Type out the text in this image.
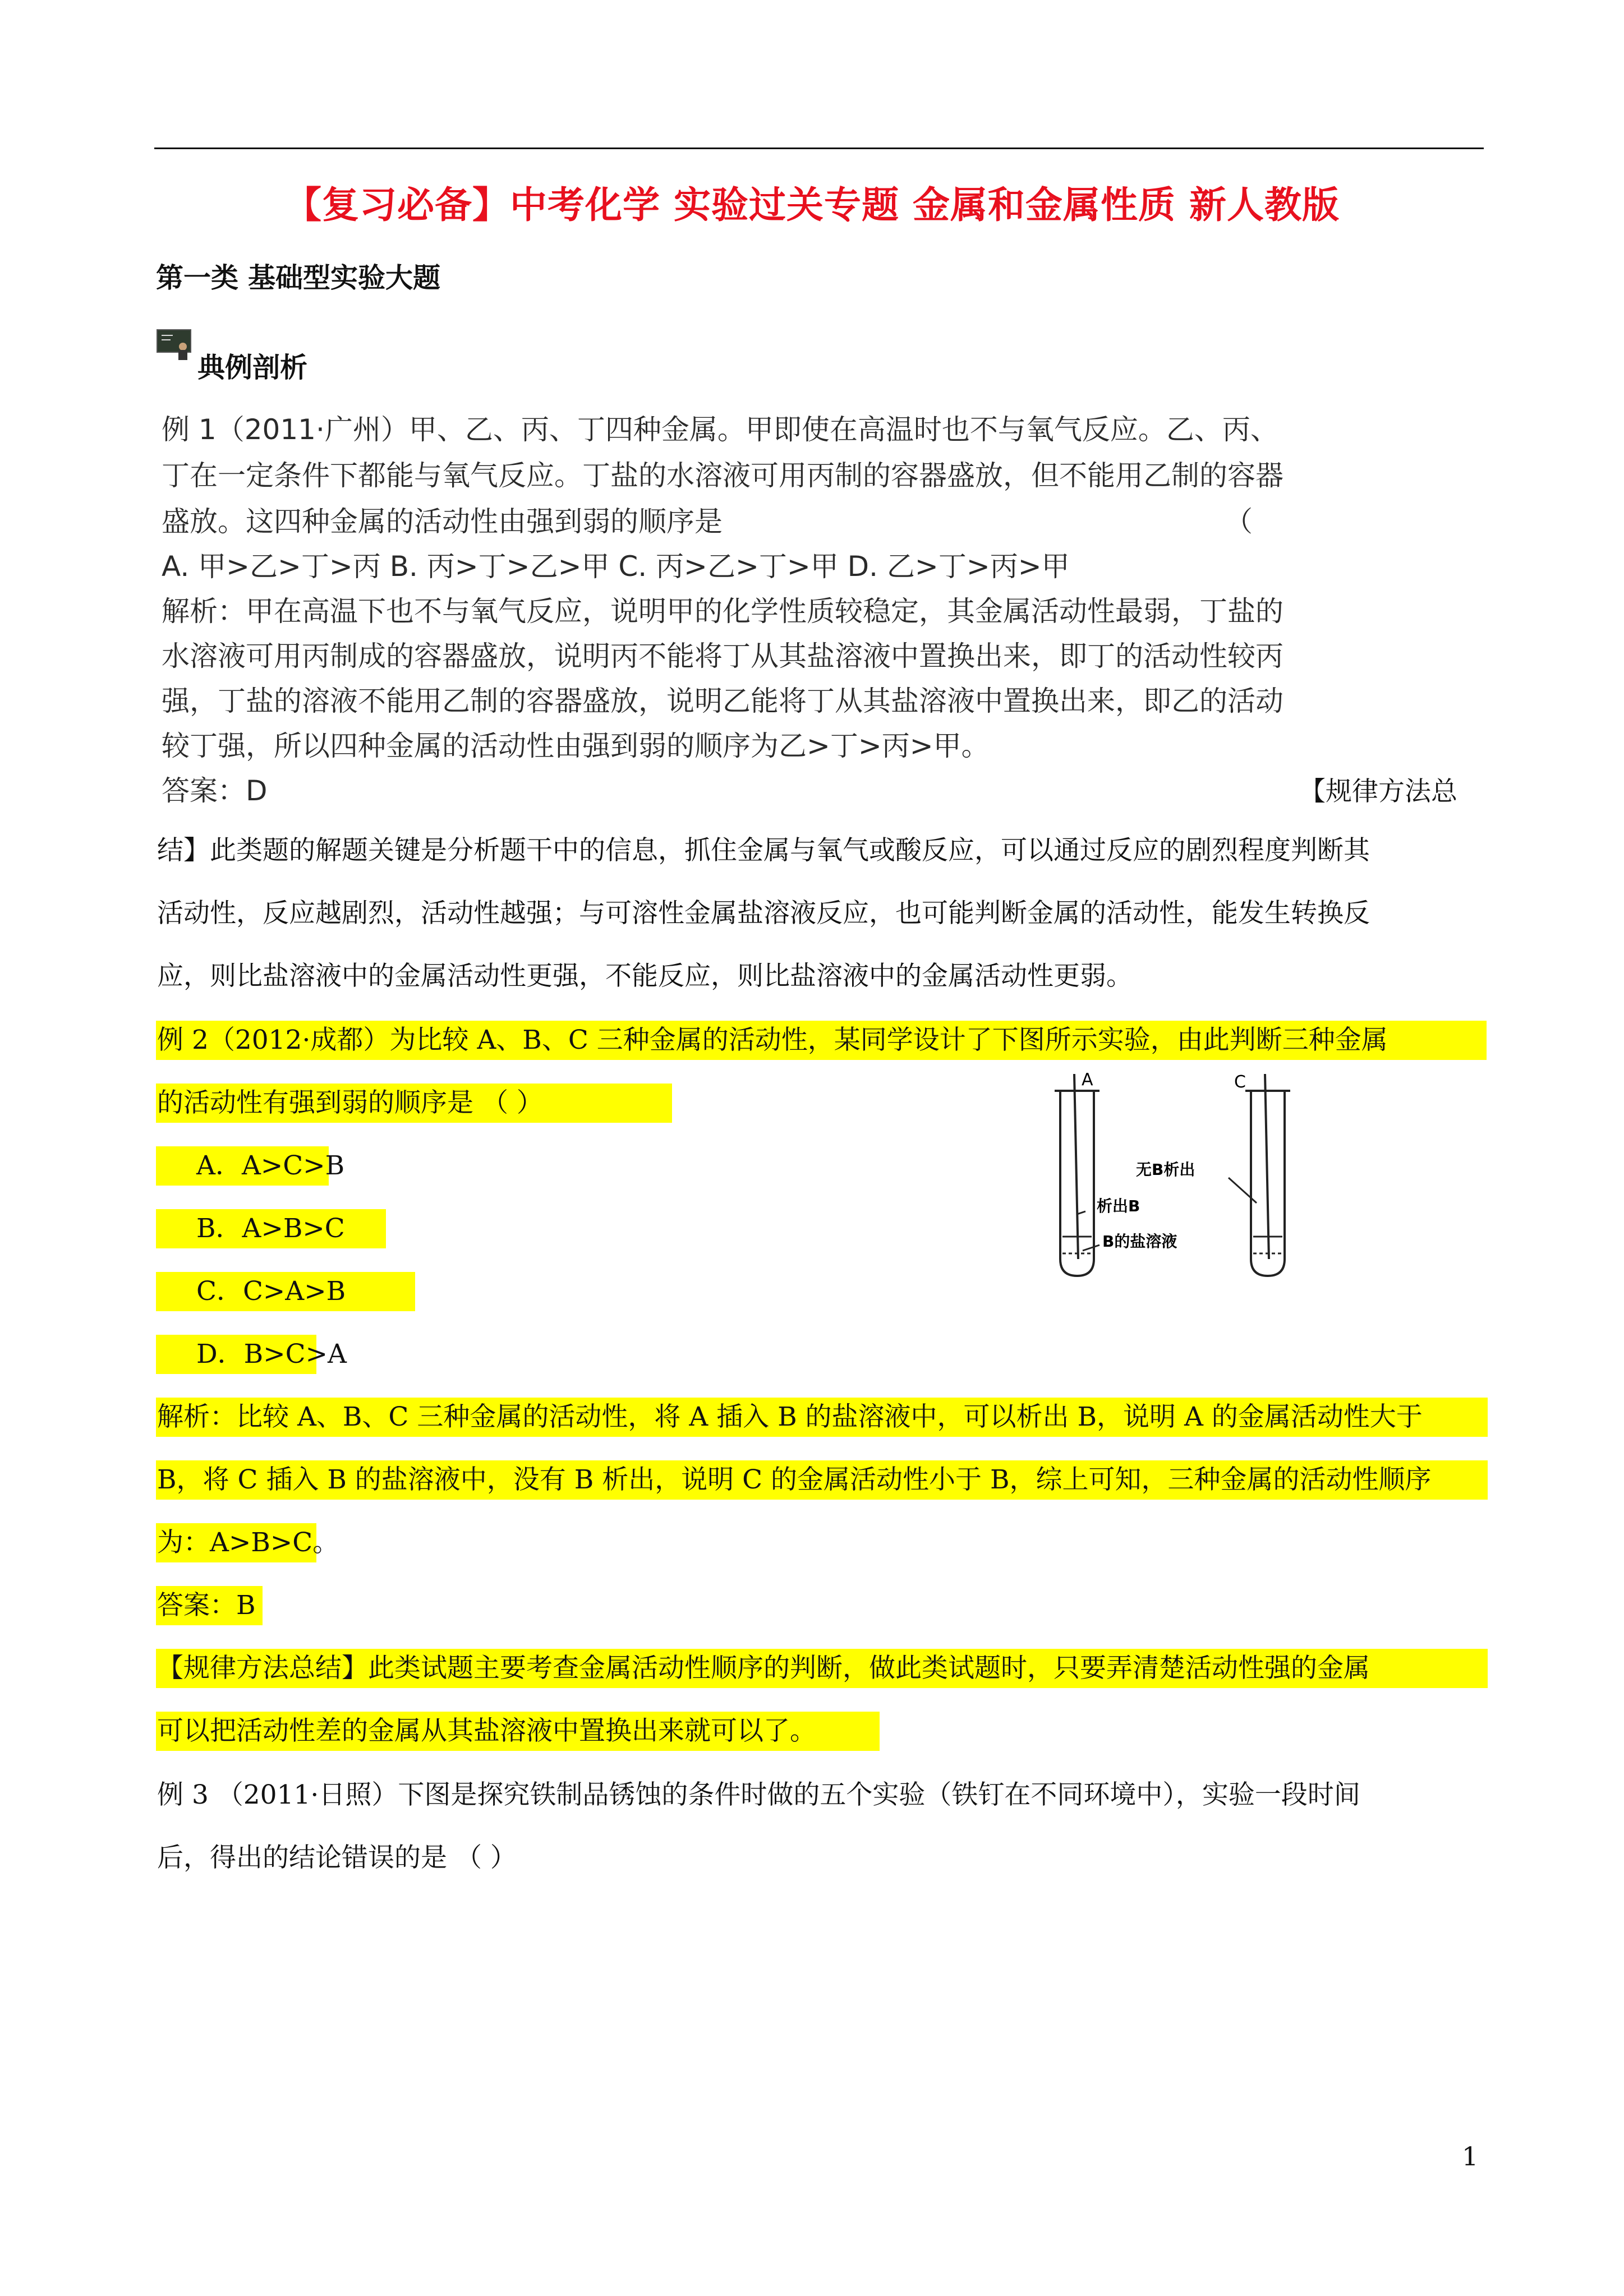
【复习必备】中考化学 实验过关专题 金属和金属性质 新人教版
第一类 基础型实验大题
典例剖析
例 1（2011·广州）甲、乙、丙、丁四种金属。甲即使在高温时也不与氧气反应。乙、丙、
丁在一定条件下都能与氧气反应。丁盐的水溶液可用丙制的容器盛放，但不能用乙制的容器
盛放。这四种金属的活动性由强到弱的顺序是	（
A. 甲>乙>丁>丙 B. 丙>丁>乙>甲 C. 丙>乙>丁>甲 D. 乙>丁>丙>甲
解析：甲在高温下也不与氧气反应，说明甲的化学性质较稳定，其金属活动性最弱，丁盐的
水溶液可用丙制成的容器盛放，说明丙不能将丁从其盐溶液中置换出来，即丁的活动性较丙
强，丁盐的溶液不能用乙制的容器盛放，说明乙能将丁从其盐溶液中置换出来，即乙的活动
较丁强，所以四种金属的活动性由强到弱的顺序为乙>丁>丙>甲。
答案：D	【规律方法总
结】此类题的解题关键是分析题干中的信息，抓住金属与氧气或酸反应，可以通过反应的剧烈程度判断其
活动性，反应越剧烈，活动性越强；与可溶性金属盐溶液反应，也可能判断金属的活动性，能发生转换反
应，则比盐溶液中的金属活动性更强，不能反应，则比盐溶液中的金属活动性更弱。
例 2（2012·成都）为比较 A、B、C 三种金属的活动性，某同学设计了下图所示实验，由此判断三种金属
的活动性有强到弱的顺序是 （ ）
A．A>C>B
B．A>B>C
C．C>A>B
D．B>C>A
A	C
无B析出
析出B
B的盐溶液
解析：比较 A、B、C 三种金属的活动性，将 A 插入 B 的盐溶液中，可以析出 B，说明 A 的金属活动性大于
B，将 C 插入 B 的盐溶液中，没有 B 析出，说明 C 的金属活动性小于 B，综上可知，三种金属的活动性顺序
为：A>B>C。
答案：B
【规律方法总结】此类试题主要考查金属活动性顺序的判断，做此类试题时，只要弄清楚活动性强的金属
可以把活动性差的金属从其盐溶液中置换出来就可以了。
例 3 （2011·日照）下图是探究铁制品锈蚀的条件时做的五个实验（铁钉在不同环境中），实验一段时间
后，得出的结论错误的是 （ ）
1
